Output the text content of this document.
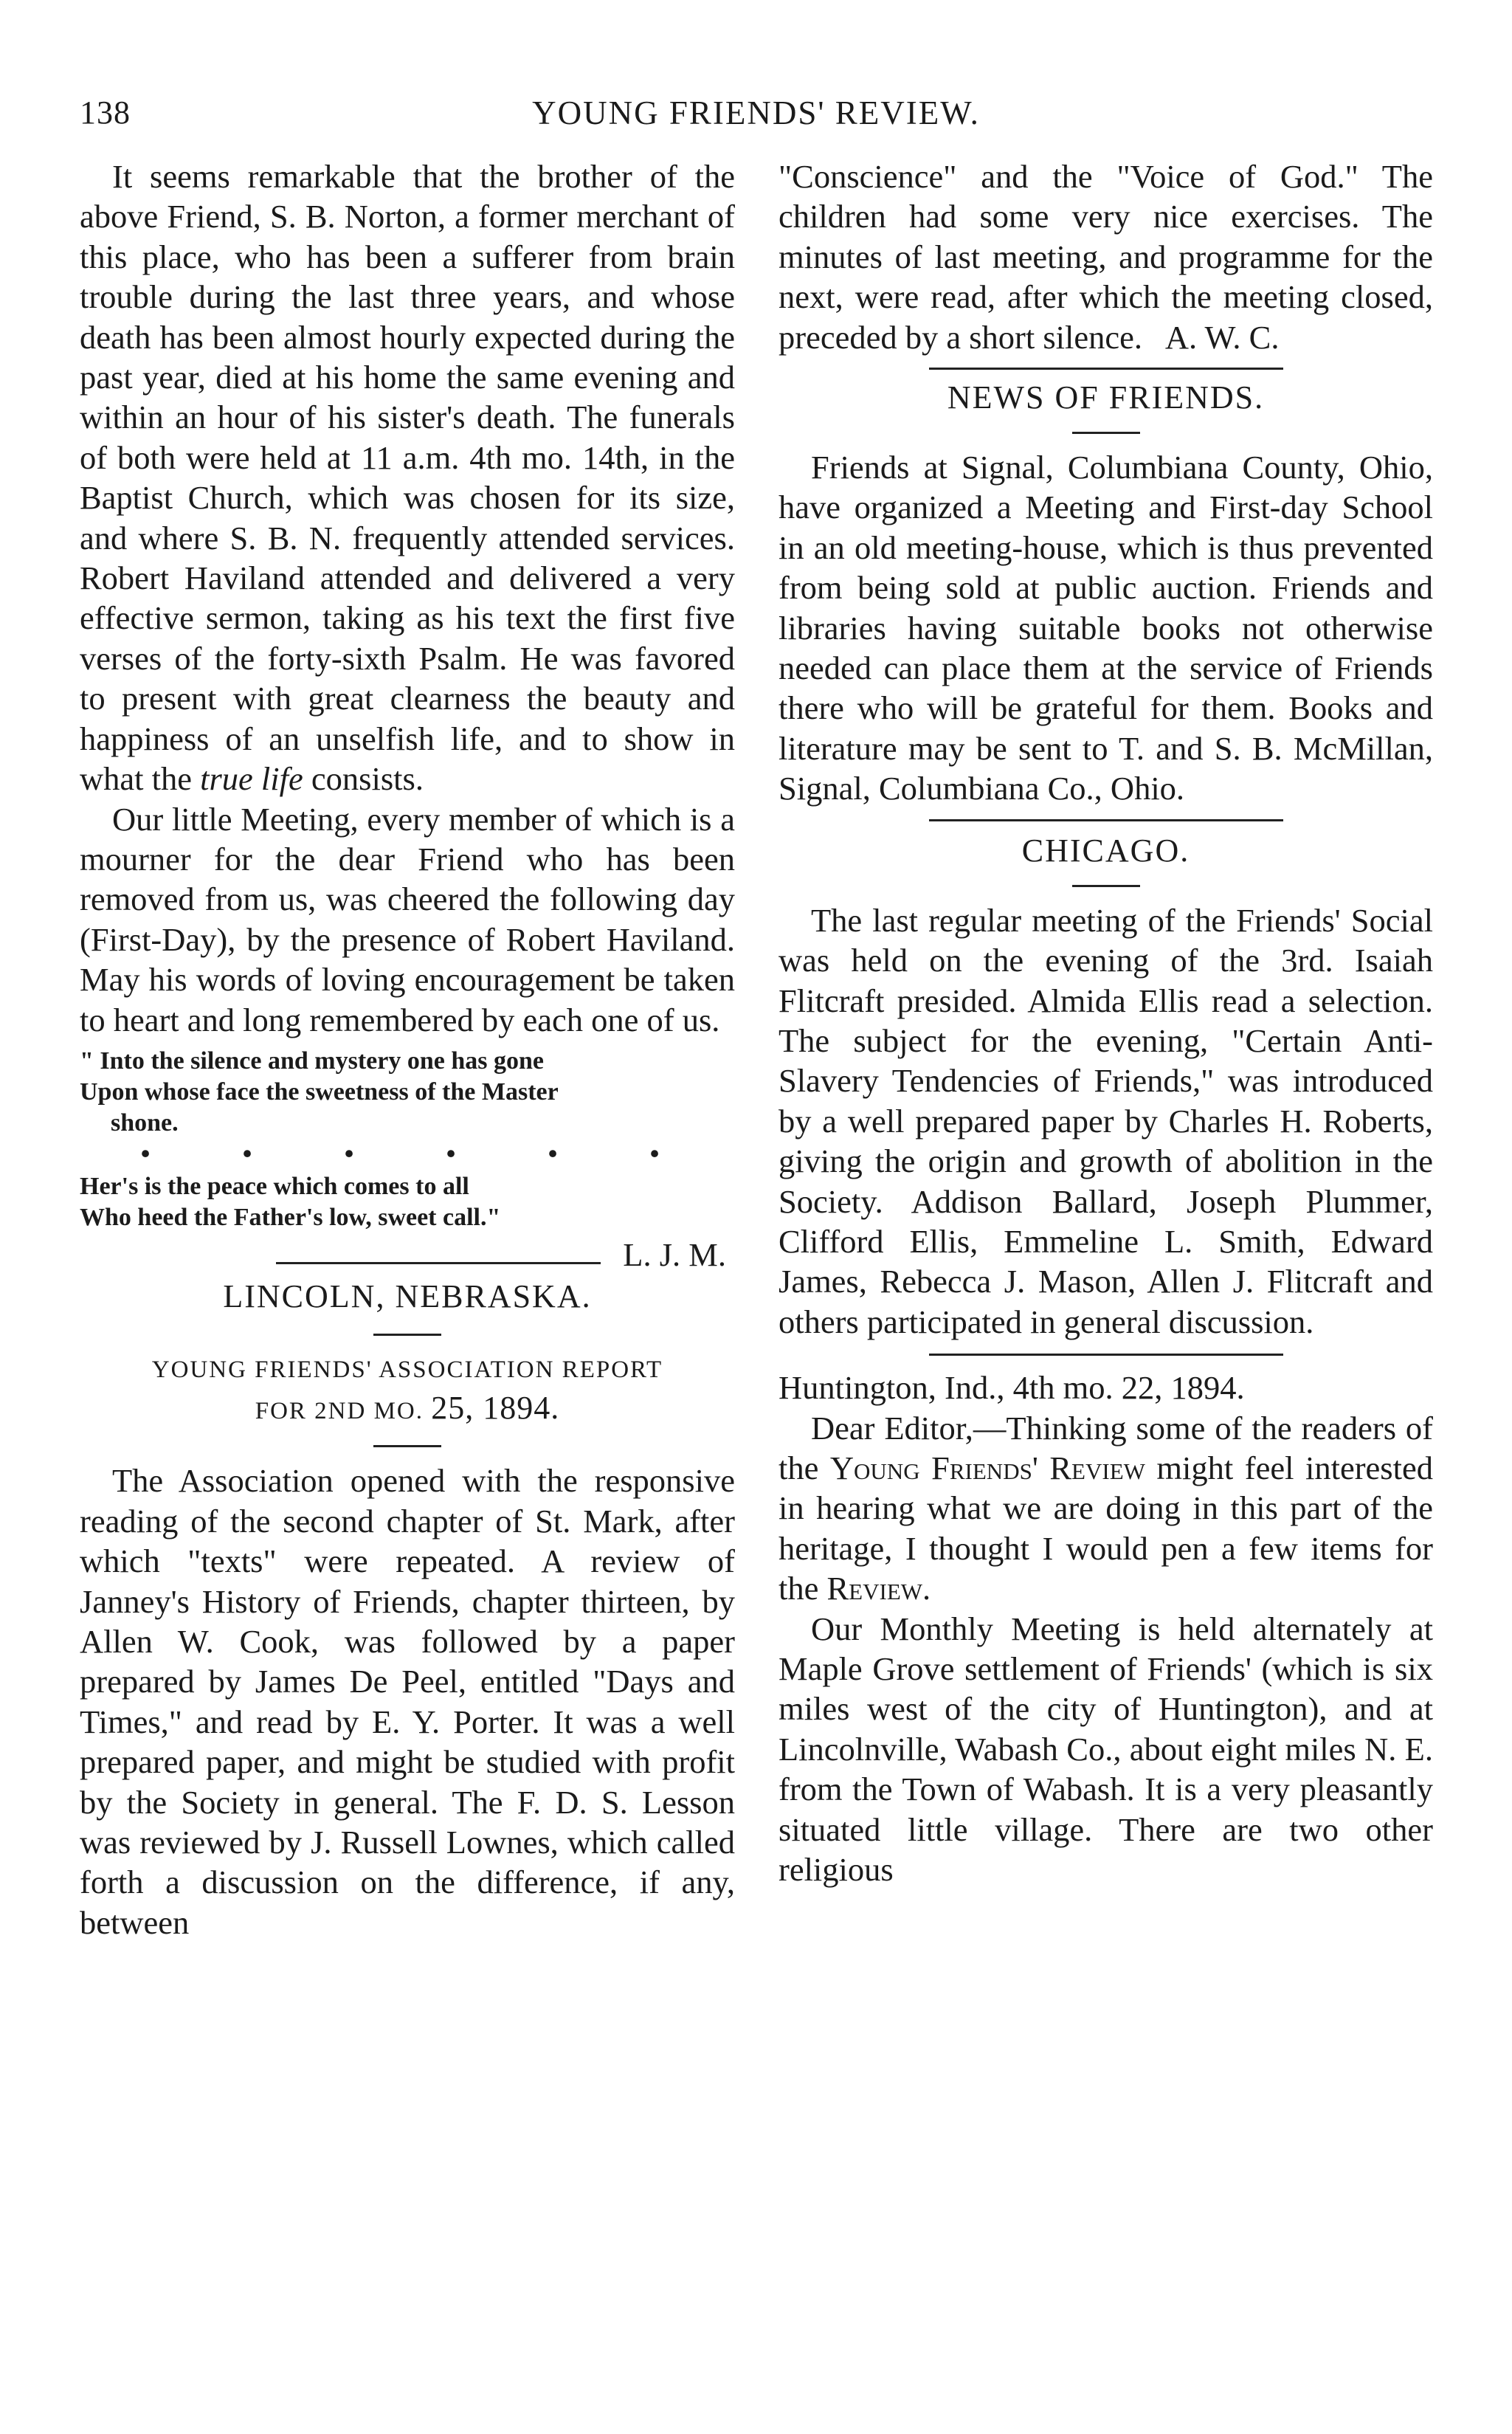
138	YOUNG FRIENDS' REVIEW.

It seems remarkable that the brother of the above Friend, S. B. Norton, a former merchant of this place, who has been a sufferer from brain trouble during the last three years, and whose death has been almost hourly expected during the past year, died at his home the same evening and within an hour of his sister's death. The funerals of both were held at 11 a.m. 4th mo. 14th, in the Baptist Church, which was chosen for its size, and where S. B. N. frequently attended services. Robert Haviland attended and delivered a very effective sermon, taking as his text the first five verses of the forty-sixth Psalm. He was favored to present with great clearness the beauty and happiness of an unselfish life, and to show in what the true life consists.

Our little Meeting, every member of which is a mourner for the dear Friend who has been removed from us, was cheered the following day (First-Day), by the presence of Robert Haviland. May his words of loving encouragement be taken to heart and long remembered by each one of us.

" Into the silence and mystery one has gone
Upon whose face the sweetness of the Master
shone.
•	•	•	•	•	•
Her's is the peace which comes to all
Who heed the Father's low, sweet call."
L. J. M.
LINCOLN, NEBRASKA.
YOUNG FRIENDS' ASSOCIATION REPORT
FOR 2ND MO. 25, 1894.

The Association opened with the responsive reading of the second chapter of St. Mark, after which "texts" were repeated. A review of Janney's History of Friends, chapter thirteen, by Allen W. Cook, was followed by a paper prepared by James De Peel, entitled "Days and Times," and read by E. Y. Porter. It was a well prepared paper, and might be studied with profit by the Society in general. The F. D. S. Lesson was reviewed by J. Russell Lownes, which called forth a discussion on the difference, if any, between

"Conscience" and the "Voice of God." The children had some very nice exercises. The minutes of last meeting, and programme for the next, were read, after which the meeting closed, preceded by a short silence. A. W. C.

NEWS OF FRIENDS.

Friends at Signal, Columbiana County, Ohio, have organized a Meeting and First-day School in an old meeting-house, which is thus prevented from being sold at public auction. Friends and libraries having suitable books not otherwise needed can place them at the service of Friends there who will be grateful for them. Books and literature may be sent to T. and S. B. McMillan, Signal, Columbiana Co., Ohio.

CHICAGO.

The last regular meeting of the Friends' Social was held on the evening of the 3rd. Isaiah Flitcraft presided. Almida Ellis read a selection. The subject for the evening, "Certain Anti-Slavery Tendencies of Friends," was introduced by a well prepared paper by Charles H. Roberts, giving the origin and growth of abolition in the Society. Addison Ballard, Joseph Plummer, Clifford Ellis, Emmeline L. Smith, Edward James, Rebecca J. Mason, Allen J. Flitcraft and others participated in general discussion.

Huntington, Ind., 4th mo. 22, 1894.

Dear Editor,—Thinking some of the readers of the Young Friends' Review might feel interested in hearing what we are doing in this part of the heritage, I thought I would pen a few items for the Review.

Our Monthly Meeting is held alternately at Maple Grove settlement of Friends' (which is six miles west of the city of Huntington), and at Lincolnville, Wabash Co., about eight miles N. E. from the Town of Wabash. It is a very pleasantly situated little village. There are two other religious
